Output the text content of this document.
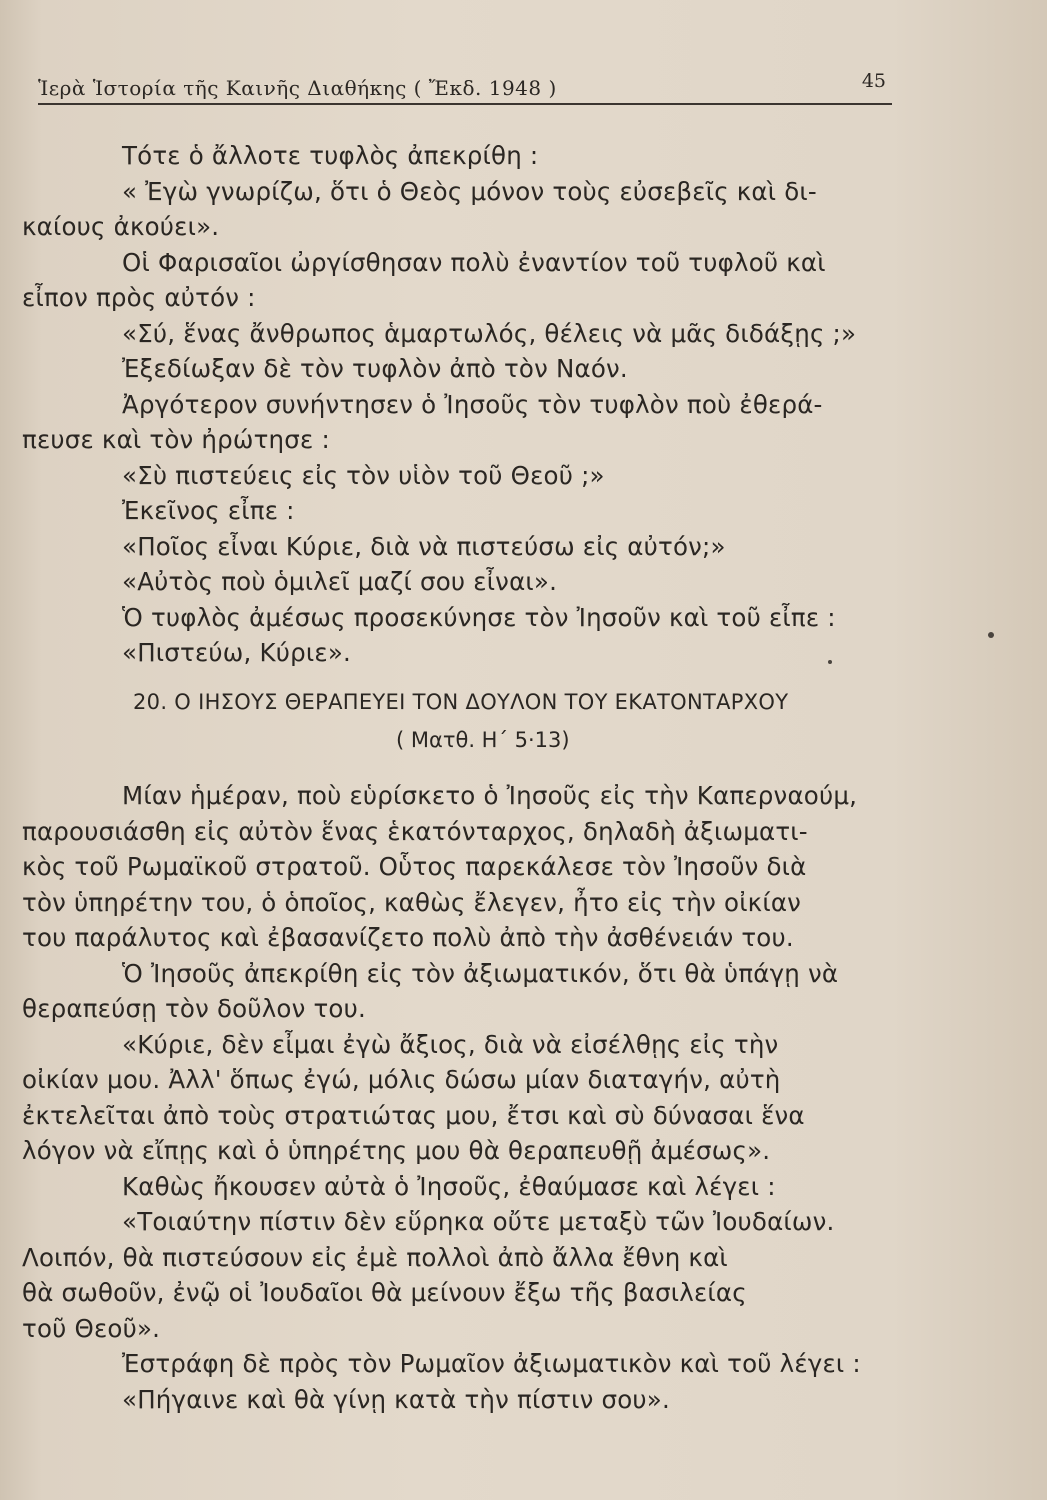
Ἱερὰ Ἱστορία τῆς Καινῆς Διαθήκης ( Ἔκδ. 1948 )	45
Τότε ὁ ἄλλοτε τυφλὸς ἀπεκρίθη :
« Ἐγὼ γνωρίζω, ὅτι ὁ Θεὸς μόνον τοὺς εὐσεβεῖς καὶ δι-
καίους ἀκούει».
Οἱ Φαρισαῖοι ὠργίσθησαν πολὺ ἐναντίον τοῦ τυφλοῦ καὶ
εἶπον πρὸς αὐτόν :
«Σύ, ἕνας ἄνθρωπος ἁμαρτωλός, θέλεις νὰ μᾶς διδάξῃς ;»
Ἐξεδίωξαν δὲ τὸν τυφλὸν ἀπὸ τὸν Ναόν.
Ἀργότερον συνήντησεν ὁ Ἰησοῦς τὸν τυφλὸν ποὺ ἐθερά-
πευσε καὶ τὸν ἠρώτησε :
«Σὺ πιστεύεις εἰς τὸν υἱὸν τοῦ Θεοῦ ;»
Ἐκεῖνος εἶπε :
«Ποῖος εἶναι Κύριε, διὰ νὰ πιστεύσω εἰς αὐτόν;»
«Αὐτὸς ποὺ ὁμιλεῖ μαζί σου εἶναι».
Ὁ τυφλὸς ἀμέσως προσεκύνησε τὸν Ἰησοῦν καὶ τοῦ εἶπε :
«Πιστεύω, Κύριε».
20. Ο ΙΗΣΟΥΣ ΘΕΡΑΠΕΥΕΙ ΤΟΝ ΔΟΥΛΟΝ ΤΟΥ ΕΚΑΤΟΝΤΑΡΧΟΥ
( Ματθ. Η΄ 5·13)
Μίαν ἡμέραν, ποὺ εὑρίσκετο ὁ Ἰησοῦς εἰς τὴν Καπερναούμ,
παρουσιάσθη εἰς αὐτὸν ἕνας ἑκατόνταρχος, δηλαδὴ ἀξιωματι-
κὸς τοῦ Ρωμαϊκοῦ στρατοῦ. Οὗτος παρεκάλεσε τὸν Ἰησοῦν διὰ
τὸν ὑπηρέτην του, ὁ ὁποῖος, καθὼς ἔλεγεν, ἦτο εἰς τὴν οἰκίαν
του παράλυτος καὶ ἐβασανίζετο πολὺ ἀπὸ τὴν ἀσθένειάν του.
Ὁ Ἰησοῦς ἀπεκρίθη εἰς τὸν ἀξιωματικόν, ὅτι θὰ ὑπάγῃ νὰ
θεραπεύσῃ τὸν δοῦλον του.
«Κύριε, δὲν εἶμαι ἐγὼ ἄξιος, διὰ νὰ εἰσέλθῃς εἰς τὴν
οἰκίαν μου. Ἀλλ' ὅπως ἐγώ, μόλις δώσω μίαν διαταγήν, αὐτὴ
ἐκτελεῖται ἀπὸ τοὺς στρατιώτας μου, ἔτσι καὶ σὺ δύνασαι ἕνα
λόγον νὰ εἴπῃς καὶ ὁ ὑπηρέτης μου θὰ θεραπευθῇ ἀμέσως».
Καθὼς ἤκουσεν αὐτὰ ὁ Ἰησοῦς, ἐθαύμασε καὶ λέγει :
«Τοιαύτην πίστιν δὲν εὕρηκα οὔτε μεταξὺ τῶν Ἰουδαίων.
Λοιπόν, θὰ πιστεύσουν εἰς ἐμὲ πολλοὶ ἀπὸ ἄλλα ἔθνη καὶ
θὰ σωθοῦν, ἐνῷ οἱ Ἰουδαῖοι θὰ μείνουν ἔξω τῆς βασιλείας
τοῦ Θεοῦ».
Ἐστράφη δὲ πρὸς τὸν Ρωμαῖον ἀξιωματικὸν καὶ τοῦ λέγει :
«Πήγαινε καὶ θὰ γίνῃ κατὰ τὴν πίστιν σου».
